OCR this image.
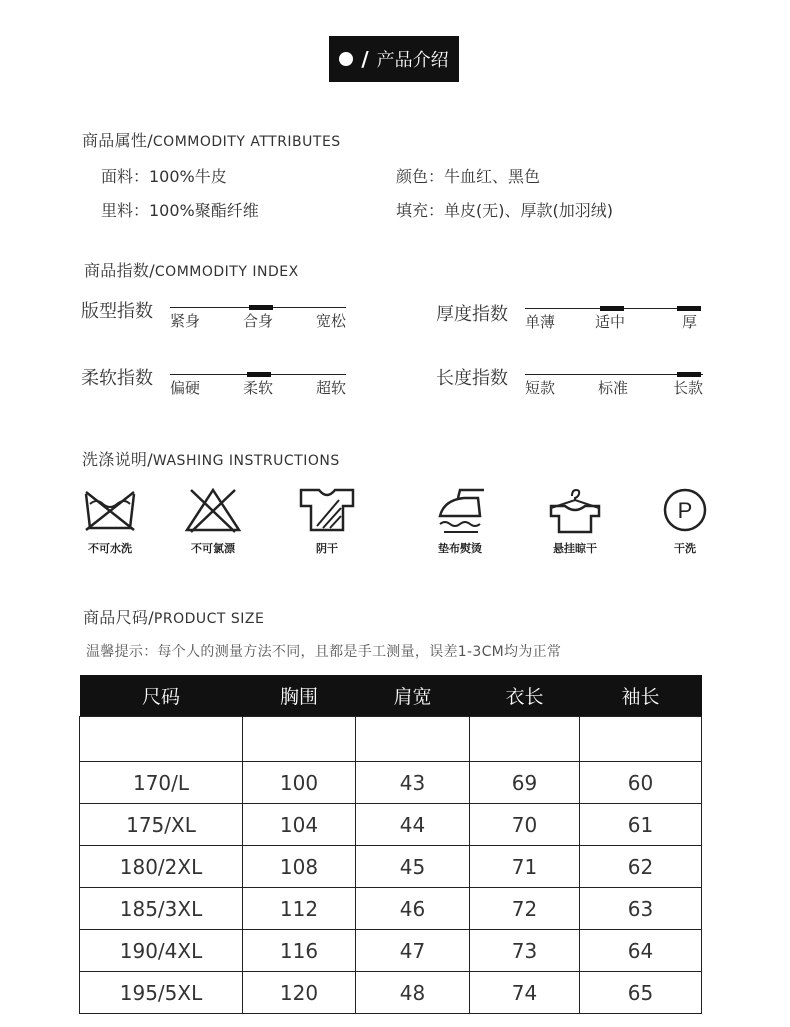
/ 产品介绍
商品属性/COMMODITY ATTRIBUTES
面料：100%牛皮	颜色：牛血红、黑色
里料：100%聚酯纤维	填充：单皮(无)、厚款(加羽绒)
商品指数/COMMODITY INDEX
版型指数 紧身	合身	宽松	厚度指数 单薄	适中	厚
柔软指数 偏硬	柔软	超软	长度指数 短款	标准	长款
洗涤说明/WASHING INSTRUCTIONS
不可水洗	不可氯漂	阴干	垫布熨烫	悬挂晾干
P
干洗
商品尺码/PRODUCT SIZE
温馨提示：每个人的测量方法不同，且都是手工测量，误差1-3CM均为正常
尺码	胸围	肩宽	衣长	袖长

170/L	100	43	69	60
175/XL	104	44	70	61
180/2XL	108	45	71	62
185/3XL	112	46	72	63
190/4XL	116	47	73	64
195/5XL	120	48	74	65
